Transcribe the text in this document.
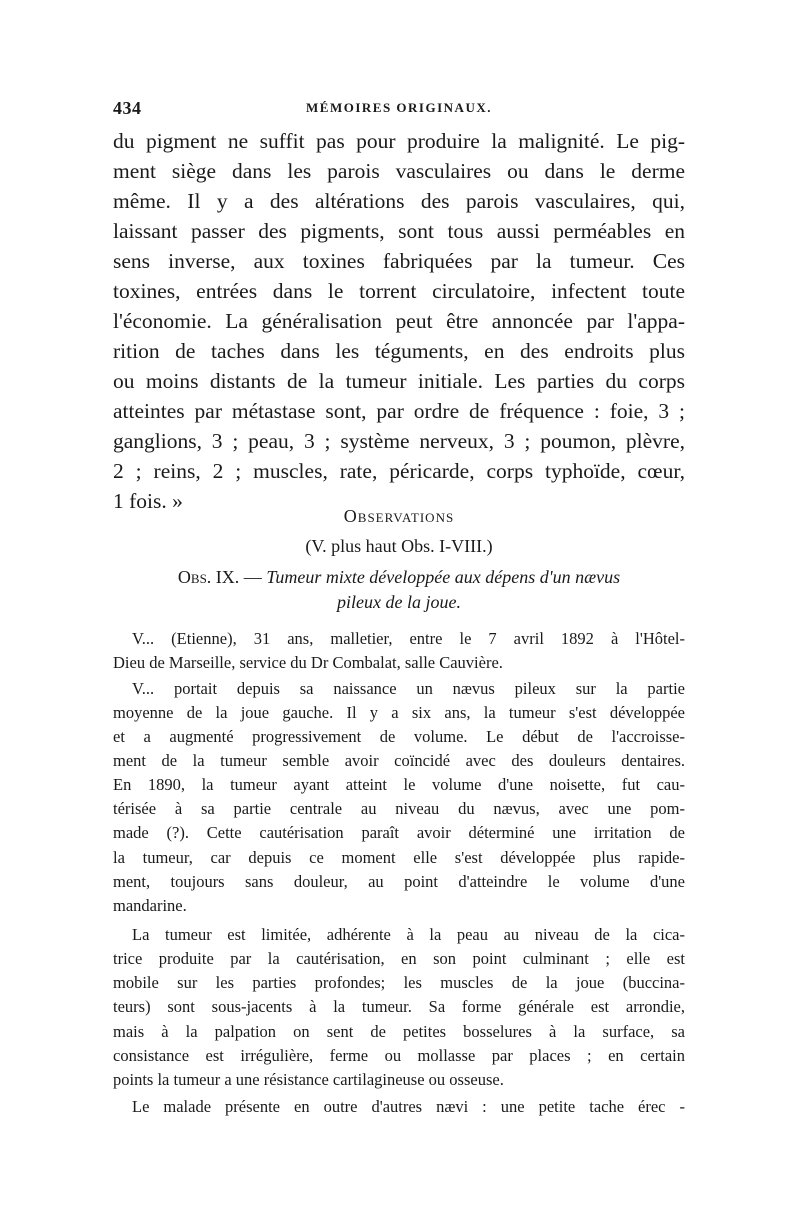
434	MÉMOIRES ORIGINAUX.
du pigment ne suffit pas pour produire la malignité. Le pig-
ment siège dans les parois vasculaires ou dans le derme
même. Il y a des altérations des parois vasculaires, qui,
laissant passer des pigments, sont tous aussi perméables en
sens inverse, aux toxines fabriquées par la tumeur. Ces
toxines, entrées dans le torrent circulatoire, infectent toute
l'économie. La généralisation peut être annoncée par l'appa-
rition de taches dans les téguments, en des endroits plus
ou moins distants de la tumeur initiale. Les parties du corps
atteintes par métastase sont, par ordre de fréquence : foie, 3 ;
ganglions, 3 ; peau, 3 ; système nerveux, 3 ; poumon, plèvre,
2 ; reins, 2 ; muscles, rate, péricarde, corps typhoïde, cœur,
1 fois. »
Observations
(V. plus haut Obs. I-VIII.)
Obs. IX. — Tumeur mixte développée aux dépens d'un nævus
pileux de la joue.
V... (Etienne), 31 ans, malletier, entre le 7 avril 1892 à l'Hôtel-
Dieu de Marseille, service du Dr Combalat, salle Cauvière.
V... portait depuis sa naissance un nævus pileux sur la partie
moyenne de la joue gauche. Il y a six ans, la tumeur s'est développée
et a augmenté progressivement de volume. Le début de l'accroisse-
ment de la tumeur semble avoir coïncidé avec des douleurs dentaires.
En 1890, la tumeur ayant atteint le volume d'une noisette, fut cau-
térisée à sa partie centrale au niveau du nævus, avec une pom-
made (?). Cette cautérisation paraît avoir déterminé une irritation de
la tumeur, car depuis ce moment elle s'est développée plus rapide-
ment, toujours sans douleur, au point d'atteindre le volume d'une
mandarine.
La tumeur est limitée, adhérente à la peau au niveau de la cica-
trice produite par la cautérisation, en son point culminant ; elle est
mobile sur les parties profondes; les muscles de la joue (buccina-
teurs) sont sous-jacents à la tumeur. Sa forme générale est arrondie,
mais à la palpation on sent de petites bosselures à la surface, sa
consistance est irrégulière, ferme ou mollasse par places ; en certain
points la tumeur a une résistance cartilagineuse ou osseuse.
Le malade présente en outre d'autres nævi : une petite tache érec -
